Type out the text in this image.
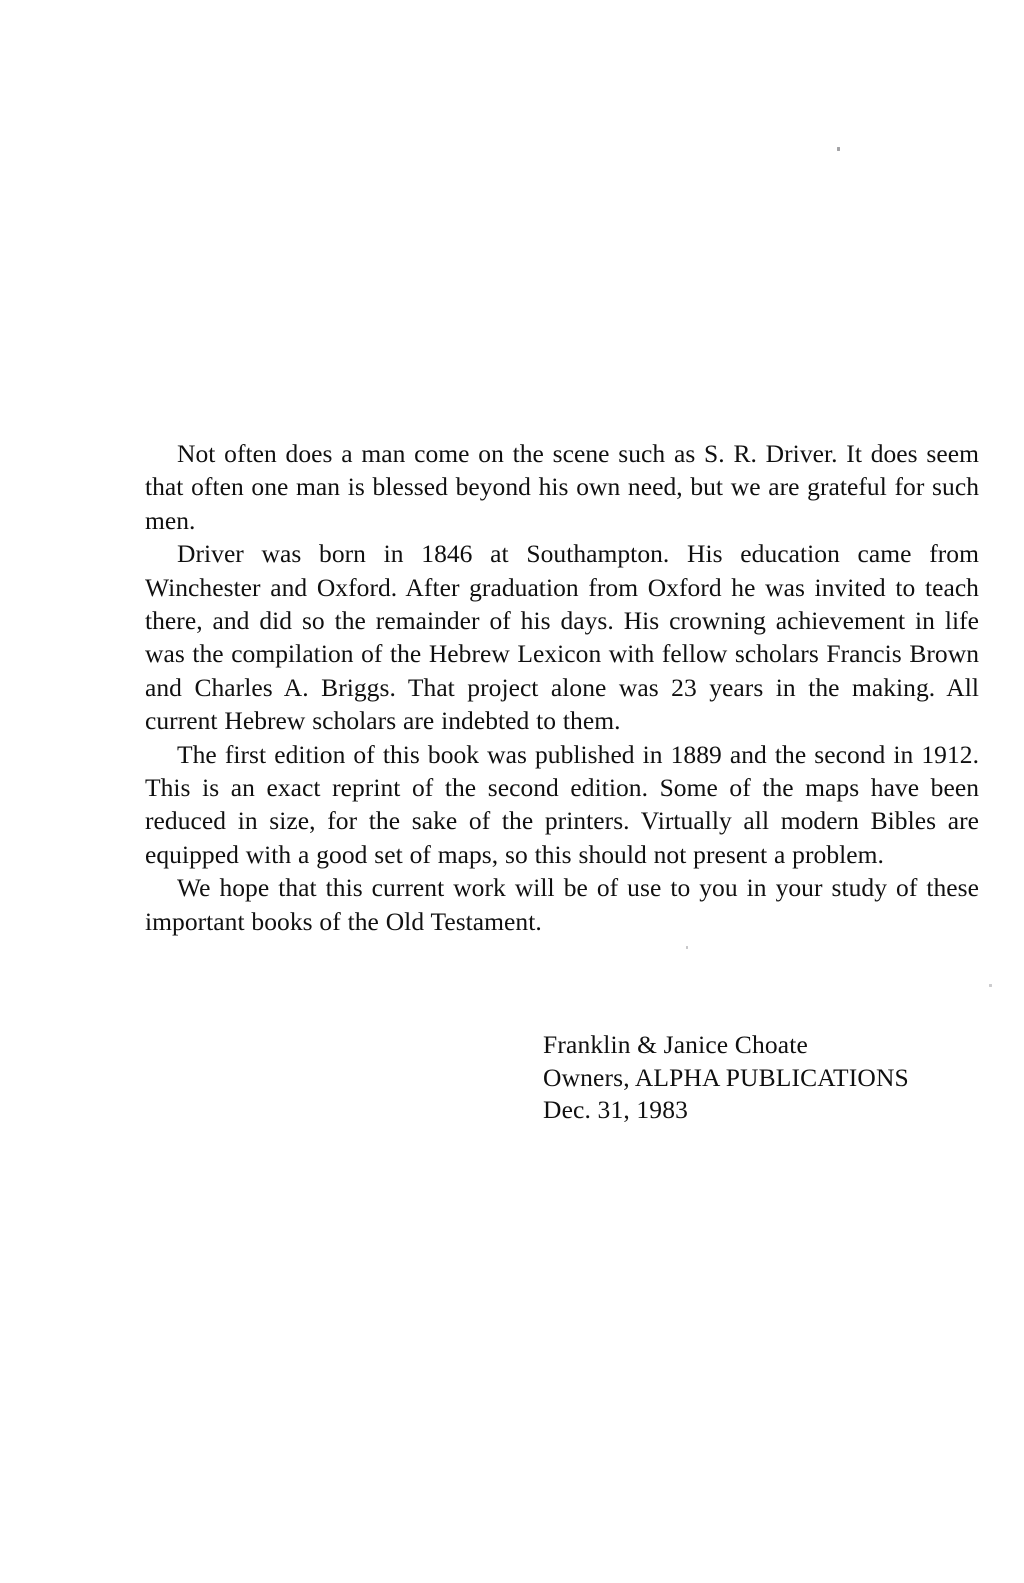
Not often does a man come on the scene such as S. R. Driver. It does seem that often one man is blessed beyond his own need, but we are grateful for such men.

Driver was born in 1846 at Southampton. His education came from Winchester and Oxford. After graduation from Oxford he was invited to teach there, and did so the remainder of his days. His crowning achievement in life was the compilation of the Hebrew Lexicon with fellow scholars Francis Brown and Charles A. Briggs. That project alone was 23 years in the making. All current Hebrew scholars are indebted to them.

The first edition of this book was published in 1889 and the second in 1912. This is an exact reprint of the second edition. Some of the maps have been reduced in size, for the sake of the printers. Virtually all modern Bibles are equipped with a good set of maps, so this should not present a problem.

We hope that this current work will be of use to you in your study of these important books of the Old Testament.

Franklin & Janice Choate
Owners, ALPHA PUBLICATIONS
Dec. 31, 1983
